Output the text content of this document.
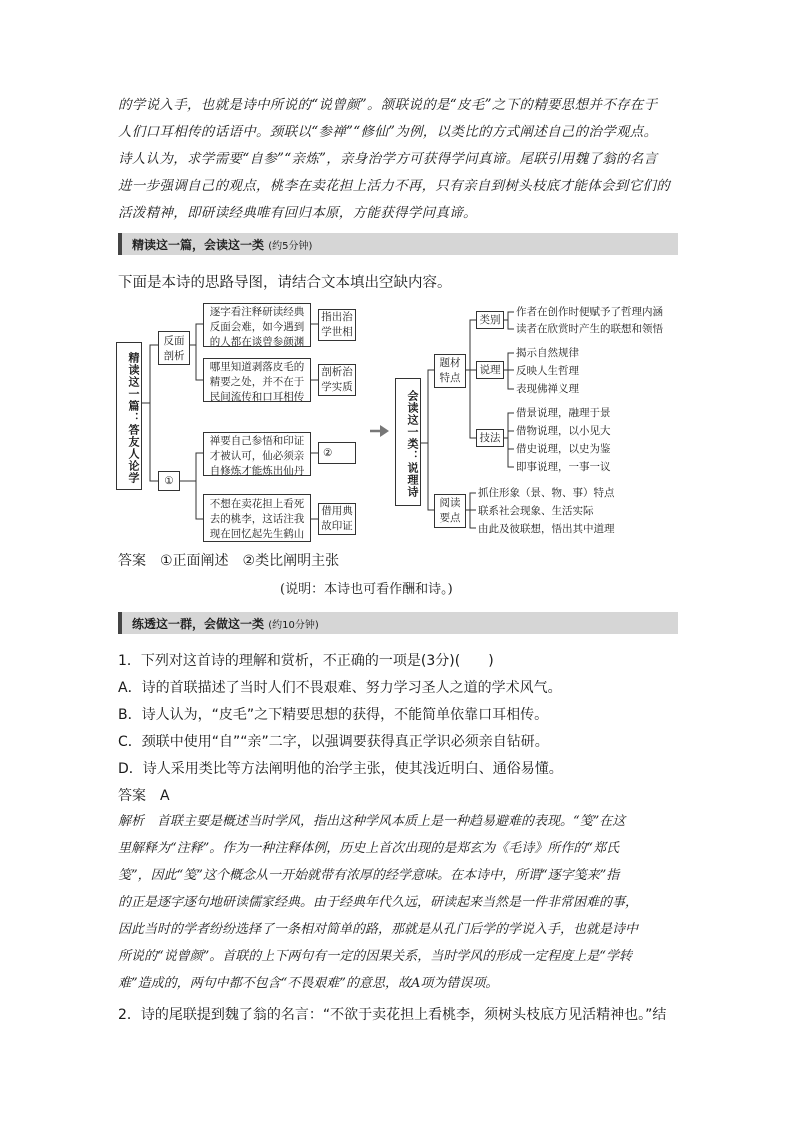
的学说入手，也就是诗中所说的“说曾颜”。颔联说的是“皮毛”之下的精要思想并不存在于
人们口耳相传的话语中。颈联以“参禅”“修仙”为例，以类比的方式阐述自己的治学观点。
诗人认为，求学需要“自参”“亲炼”，亲身治学方可获得学问真谛。尾联引用魏了翁的名言
进一步强调自己的观点，桃李在卖花担上活力不再，只有亲自到树头枝底才能体会到它们的
活泼精神，即研读经典唯有回归本原，方能获得学问真谛。
精读这一篇，会读这一类 (约5分钟)
下面是本诗的思路导图，请结合文本填出空缺内容。
精读这一篇：答友人论学
反面剖析
逐字看注释研读经典反面会难，如今遇到的人都在谈曾参颜渊
哪里知道剥落皮毛的精要之处，并不在于民间流传和口耳相传
指出治学世相
剖析治学实质
①
禅要自己参悟和印证才被认可，仙必须亲自修炼才能炼出仙丹
不想在卖花担上看死去的桃李，这话注我现在回忆起先生鹤山
②
借用典故印证
会读这一类：说理诗
题材特点
阅读要点
类别
作者在创作时便赋予了哲理内涵
读者在欣赏时产生的联想和领悟
说理
揭示自然规律
反映人生哲理
表现佛禅义理
技法
借景说理，融理于景
借物说理，以小见大
借史说理，以史为鉴
即事说理，一事一议
抓住形象（景、物、事）特点
联系社会现象、生活实际
由此及彼联想，悟出其中道理
答案　 ①正面阐述　②类比阐明主张
(说明：本诗也可看作酬和诗。)
练透这一群，会做这一类 (约10分钟)
1．下列对这首诗的理解和赏析，不正确的一项是(3分)(　　)
A．诗的首联描述了当时人们不畏艰难、努力学习圣人之道的学术风气。
B．诗人认为，“皮毛”之下精要思想的获得，不能简单依靠口耳相传。
C．颈联中使用“自”“亲”二字，以强调要获得真正学识必须亲自钻研。
D．诗人采用类比等方法阐明他的治学主张，使其浅近明白、通俗易懂。
答案　 A
解析　首联主要是概述当时学风，指出这种学风本质上是一种趋易避难的表现。“笺”在这
里解释为“注释”。作为一种注释体例，历史上首次出现的是郑玄为《毛诗》所作的“郑氏
笺”，因此“笺”这个概念从一开始就带有浓厚的经学意味。在本诗中，所谓“逐字笺来”指
的正是逐字逐句地研读儒家经典。由于经典年代久远，研读起来当然是一件非常困难的事，
因此当时的学者纷纷选择了一条相对简单的路，那就是从孔门后学的学说入手，也就是诗中
所说的“说曾颜”。首联的上下两句有一定的因果关系，当时学风的形成一定程度上是“学转
难”造成的，两句中都不包含“不畏艰难”的意思，故A项为错误项。
2．诗的尾联提到魏了翁的名言：“不欲于卖花担上看桃李，须树头枝底方见活精神也。”结
